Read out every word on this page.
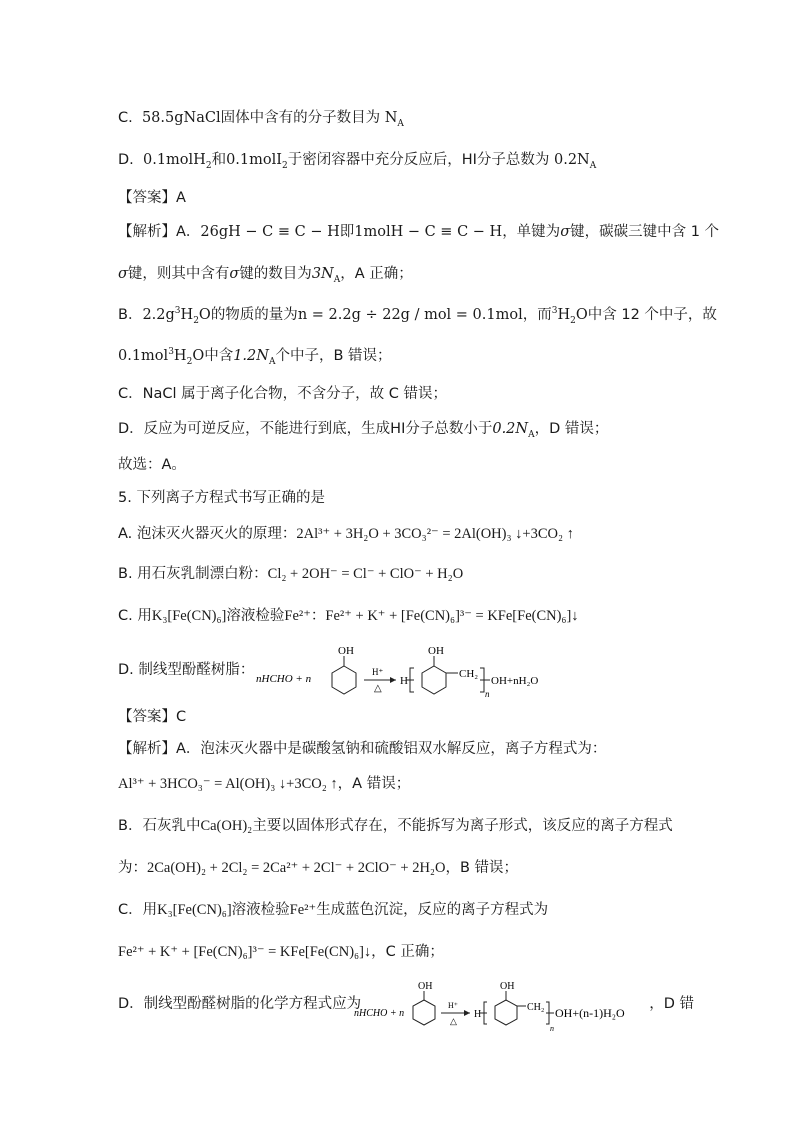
C. 58.5gNaCl固体中含有的分子数目为 $N_A$
D. 0.1molH$_2$和0.1molI$_2$于密闭容器中充分反应后，HI分子总数为 $0.2N_A$
【答案】A
【解析】A．26gH − C ≡ C − H即1molH − C ≡ C − H，单键为σ键，碳碳三键中含 1 个
σ键，则其中含有σ键的数目为$3N_A$，A 正确；
B．$2.2g^3H_2O$的物质的量为n = 2.2g ÷ 22g / mol = 0.1mol，而$^3H_2O$中含 12 个中子，故
$0.1mol^3H_2O$中含$1.2N_A$个中子，B 错误；
C．NaCl 属于离子化合物，不含分子，故 C 错误；
D．反应为可逆反应，不能进行到底，生成HI分子总数小于$0.2N_A$，D 错误；
故选：A。
5. 下列离子方程式书写正确的是
A. 泡沫灭火器灭火的原理：2Al³⁺ + 3H₂O + 3CO₃²⁻ = 2Al(OH)₃ ↓+3CO₂ ↑
B. 用石灰乳制漂白粉：Cl₂ + 2OH⁻ = Cl⁻ + ClO⁻ + H₂O
C. 用K₃[Fe(CN)₆]溶液检验Fe²⁺：Fe²⁺ + K⁺ + [Fe(CN)₆]³⁻ = KFe[Fe(CN)₆]↓
D. 制线型酚醛树脂：
nHCHO + n
OH
H⁺
△
H
OH
CH₂
n
OH+nH₂O
【答案】C
【解析】A．泡沫灭火器中是碳酸氢钠和硫酸铝双水解反应，离子方程式为：
Al³⁺ + 3HCO₃⁻ = Al(OH)₃ ↓+3CO₂ ↑，A 错误；
B．石灰乳中Ca(OH)₂主要以固体形式存在，不能拆写为离子形式，该反应的离子方程式
为：2Ca(OH)₂ + 2Cl₂ = 2Ca²⁺ + 2Cl⁻ + 2ClO⁻ + 2H₂O，B 错误；
C．用K₃[Fe(CN)₆]溶液检验Fe²⁺生成蓝色沉淀，反应的离子方程式为
Fe²⁺ + K⁺ + [Fe(CN)₆]³⁻ = KFe[Fe(CN)₆]↓，C 正确；
D．制线型酚醛树脂的化学方程式应为
nHCHO + n
OH
H⁺
△
H
OH
CH₂
n
OH+(n-1)H₂O
，D 错
